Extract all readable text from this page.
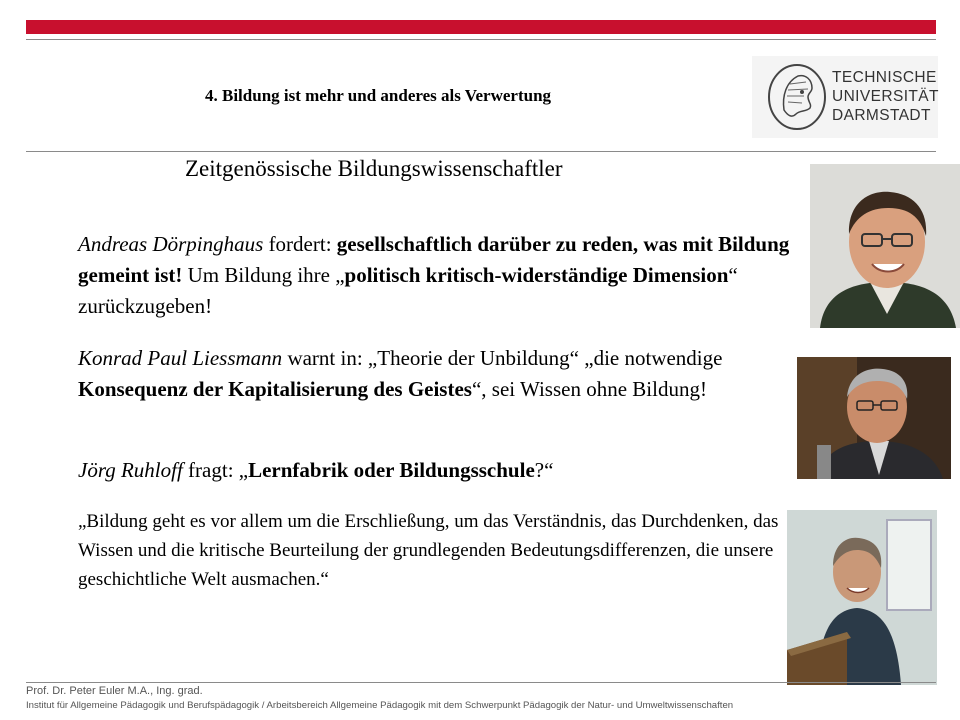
4. Bildung ist mehr und anderes als Verwertung
TECHNISCHE
UNIVERSITÄT
DARMSTADT
Zeitgenössische Bildungswissenschaftler
Andreas Dörpinghaus fordert: gesellschaftlich darüber zu reden, was mit Bildung gemeint ist! Um Bildung ihre „politisch kritisch-widerständige Dimension“ zurückzugeben!
Konrad Paul Liessmann warnt in: „Theorie der Unbildung“ „die notwendige Konsequenz der Kapitalisierung des Geistes“, sei Wissen ohne Bildung!
Jörg Ruhloff fragt: „Lernfabrik oder Bildungsschule?“
„Bildung geht es vor allem um die Erschließung, um das Verständnis, das Durchdenken, das Wissen und die kritische Beurteilung der grundlegenden Bedeutungsdifferenzen, die unsere geschichtliche Welt ausmachen.“
Prof. Dr. Peter Euler M.A., Ing. grad.
Institut für Allgemeine Pädagogik und Berufspädagogik / Arbeitsbereich Allgemeine Pädagogik mit dem Schwerpunkt Pädagogik der Natur- und Umweltwissenschaften
